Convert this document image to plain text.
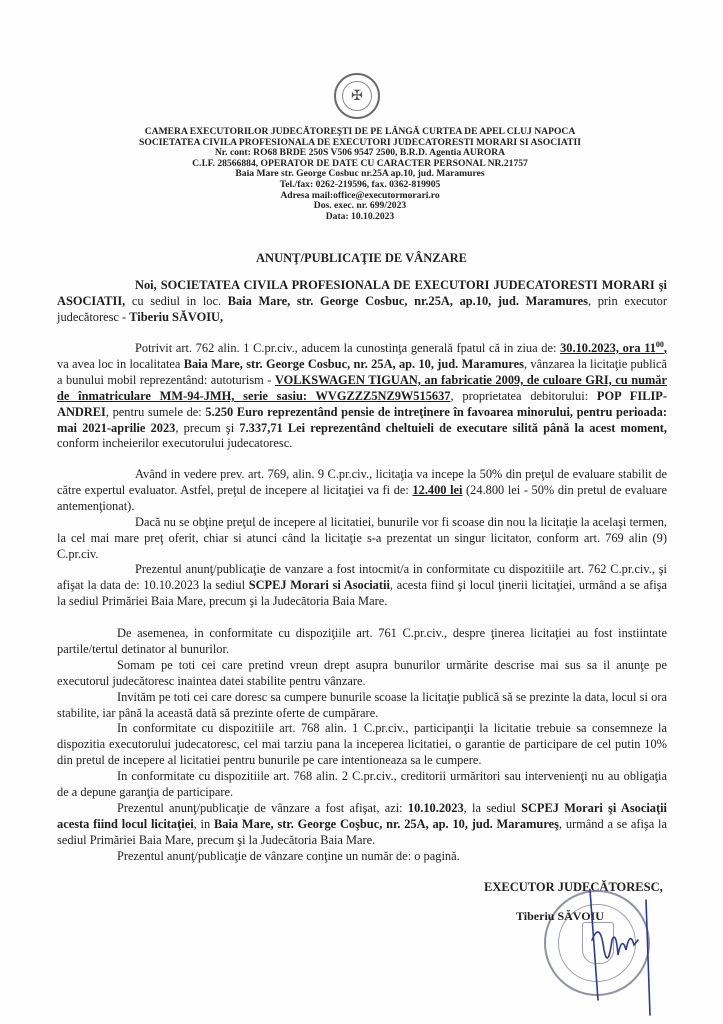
✠
CAMERA EXECUTORILOR JUDECĂTOREŞTI DE PE LÂNGĂ CURTEA DE APEL CLUJ NAPOCA
SOCIETATEA CIVILA PROFESIONALA DE EXECUTORI JUDECATORESTI MORARI SI ASOCIATII
Nr. cont: RO68 BRDE 250S V506 9547 2500, B.R.D. Agentia AURORA
C.I.F. 28566884, OPERATOR DE DATE CU CARACTER PERSONAL NR.21757
Baia Mare str. George Cosbuc nr.25A ap.10, jud. Maramures
Tel./fax: 0262-219596, fax. 0362-819905
Adresa mail:office@executormorari.ro
Dos. exec. nr. 699/2023
Data: 10.10.2023
ANUNŢ/PUBLICAŢIE DE VÂNZARE

Noi, SOCIETATEA CIVILA PROFESIONALA DE EXECUTORI JUDECATORESTI MORARI şi ASOCIATII, cu sediul in loc. Baia Mare, str. George Cosbuc, nr.25A, ap.10, jud. Maramures, prin executor judecătoresc - Tiberiu SĂVOIU,

Potrivit art. 762 alin. 1 C.pr.civ., aducem la cunostinţa generală fpatul că in ziua de: 30.10.2023, ora $11^{00}$, va avea loc in localitatea Baia Mare, str. George Cosbuc, nr. 25A, ap. 10, jud. Maramures, vânzarea la licitaţie publică a bunului mobil reprezentând: autoturism - VOLKSWAGEN TIGUAN, an fabricatie 2009, de culoare GRI, cu număr de înmatriculare MM-94-JMH, serie sasiu: WVGZZZ5NZ9W515637, proprietatea debitorului: POP FILIP-ANDREI, pentru sumele de: 5.250 Euro reprezentând pensie de intreţinere în favoarea minorului, pentru perioada: mai 2021-aprilie 2023, precum şi 7.337,71 Lei reprezentând cheltuieli de executare silită până la acest moment, conform incheierilor executorului judecatoresc.

Având in vedere prev. art. 769, alin. 9 C.pr.civ., licitaţia va incepe la 50% din preţul de evaluare stabilit de către expertul evaluator. Astfel, preţul de incepere al licitaţiei va fi de: 12.400 lei (24.800 lei - 50% din pretul de evaluare antemenţionat).

Dacă nu se obţine preţul de incepere al licitatiei, bunurile vor fi scoase din nou la licitaţie la acelaşi termen, la cel mai mare preţ oferit, chiar si atunci când la licitaţie s-a prezentat un singur licitator, conform art. 769 alin (9) C.pr.civ.

Prezentul anunţ/publicaţie de vanzare a fost intocmit/a in conformitate cu dispozitiile art. 762 C.pr.civ., şi afişat la data de: 10.10.2023 la sediul SCPEJ Morari si Asociatii, acesta fiind şi locul ţinerii licitaţiei, urmând a se afişa la sediul Primăriei Baia Mare, precum şi la Judecătoria Baia Mare.

De asemenea, in conformitate cu dispoziţiile art. 761 C.pr.civ., despre ţinerea licitaţiei au fost instiintate partile/tertul detinator al bunurilor.

Somam pe toti cei care pretind vreun drept asupra bunurilor urmărite descrise mai sus sa il anunţe pe executorul judecătoresc inaintea datei stabilite pentru vânzare.

Invităm pe toti cei care doresc sa cumpere bunurile scoase la licitaţie publică să se prezinte la data, locul si ora stabilite, iar până la această dată să prezinte oferte de cumpărare.

In conformitate cu dispozitiile art. 768 alin. 1 C.pr.civ., participanţii la licitatie trebuie sa consemneze la dispozitia executorului judecatoresc, cel mai tarziu pana la inceperea licitatiei, o garantie de participare de cel putin 10% din pretul de incepere al licitatiei pentru bunurile pe care intentioneaza sa le cumpere.

In conformitate cu dispozitiile art. 768 alin. 2 C.pr.civ., creditorii urmăritori sau intervenienţi nu au obligaţia de a depune garanţia de participare.

Prezentul anunţ/publicaţie de vânzare a fost afişat, azi: 10.10.2023, la sediul SCPEJ Morari şi Asociaţii acesta fiind locul licitaţiei, in Baia Mare, str. George Coşbuc, nr. 25A, ap. 10, jud. Maramureş, urmând a se afişa la sediul Primăriei Baia Mare, precum şi la Judecătoria Baia Mare.

Prezentul anunţ/publicaţie de vânzare conţine un număr de: o pagină.

EXECUTOR JUDECĂTORESC,
Tiberiu SĂVOIU
